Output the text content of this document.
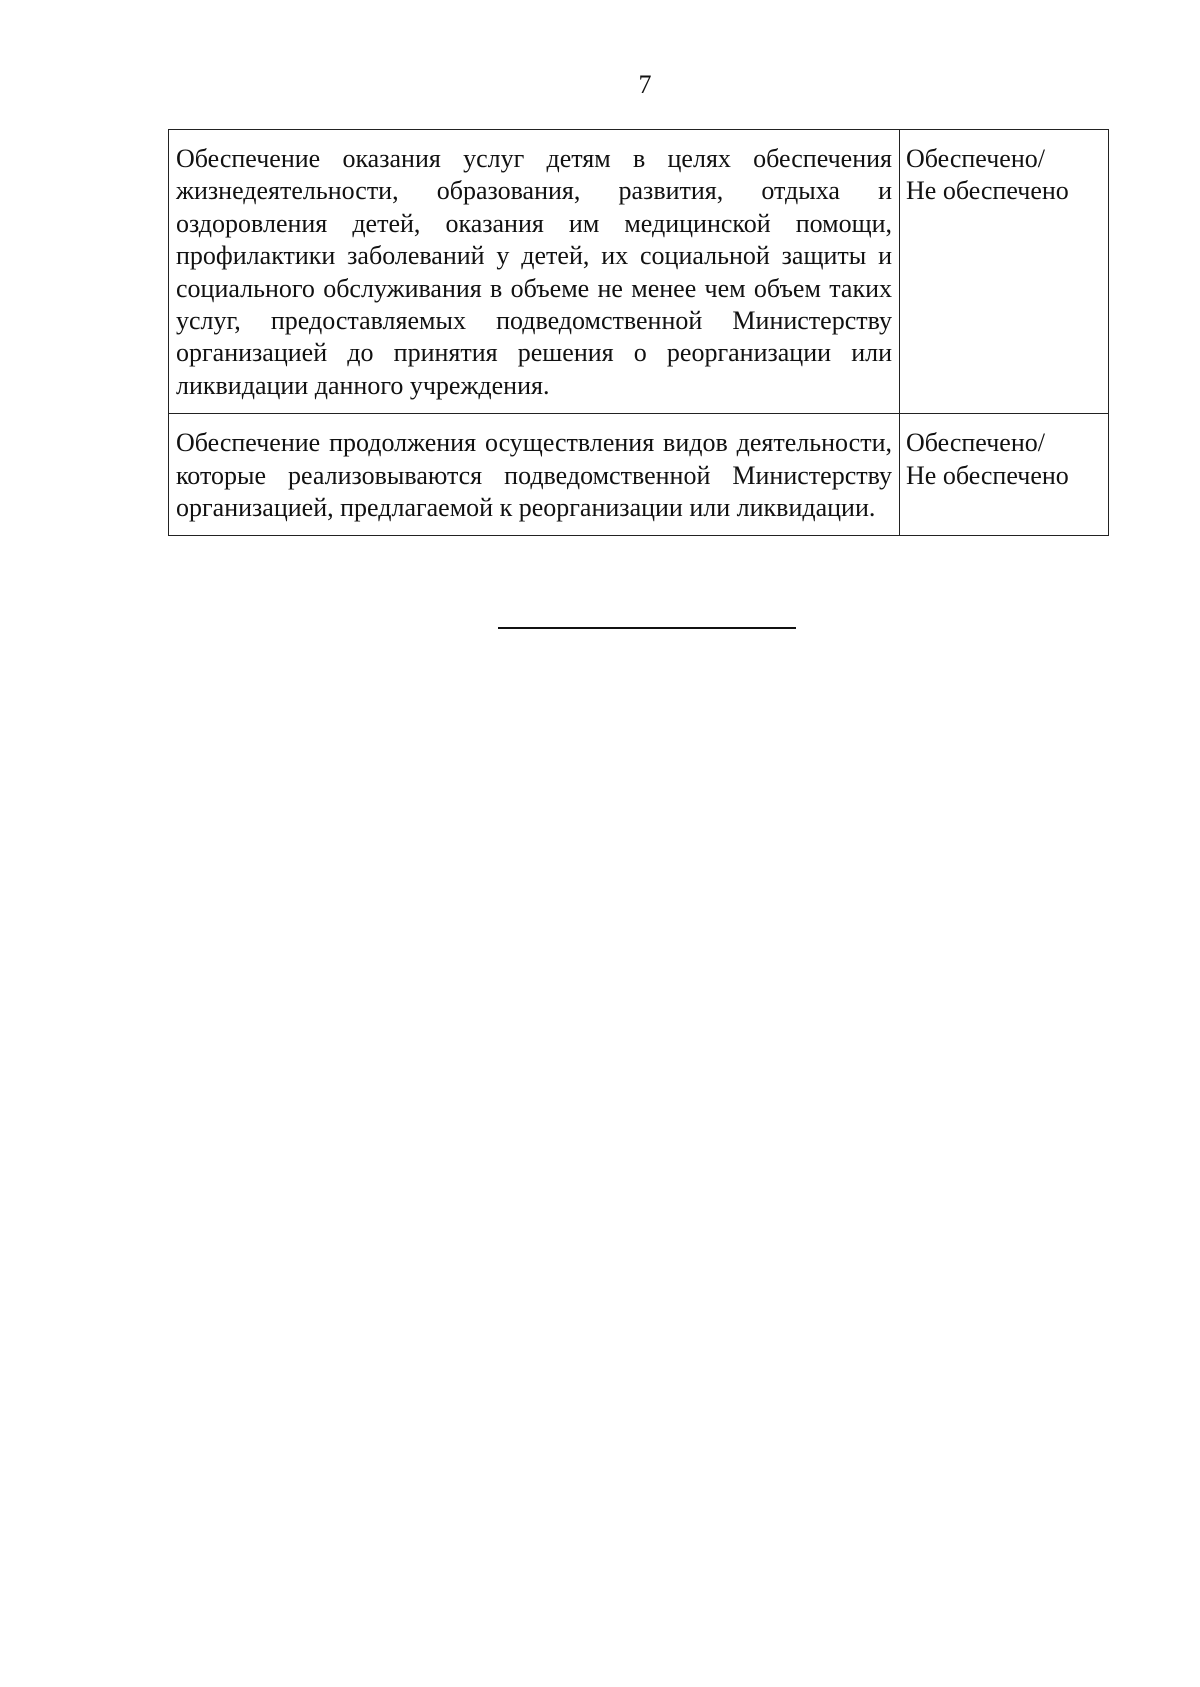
7
Обеспечение оказания услуг детям в целях обеспечения жизнедеятельности, образования, развития, отдыха и оздоровления детей, оказания им медицинской помощи, профилактики заболеваний у детей, их социальной защиты и социального обслуживания в объеме не менее чем объем таких услуг, предоставляемых подведомственной Министерству организацией до принятия решения о реорганизации или ликвидации данного учреждения.	Обеспечено/
Не обеспечено

Обеспечение продолжения осуществления видов деятельности, которые реализовываются подведомственной Министерству организацией, предлагаемой к реорганизации или ликвидации.	Обеспечено/
Не обеспечено
